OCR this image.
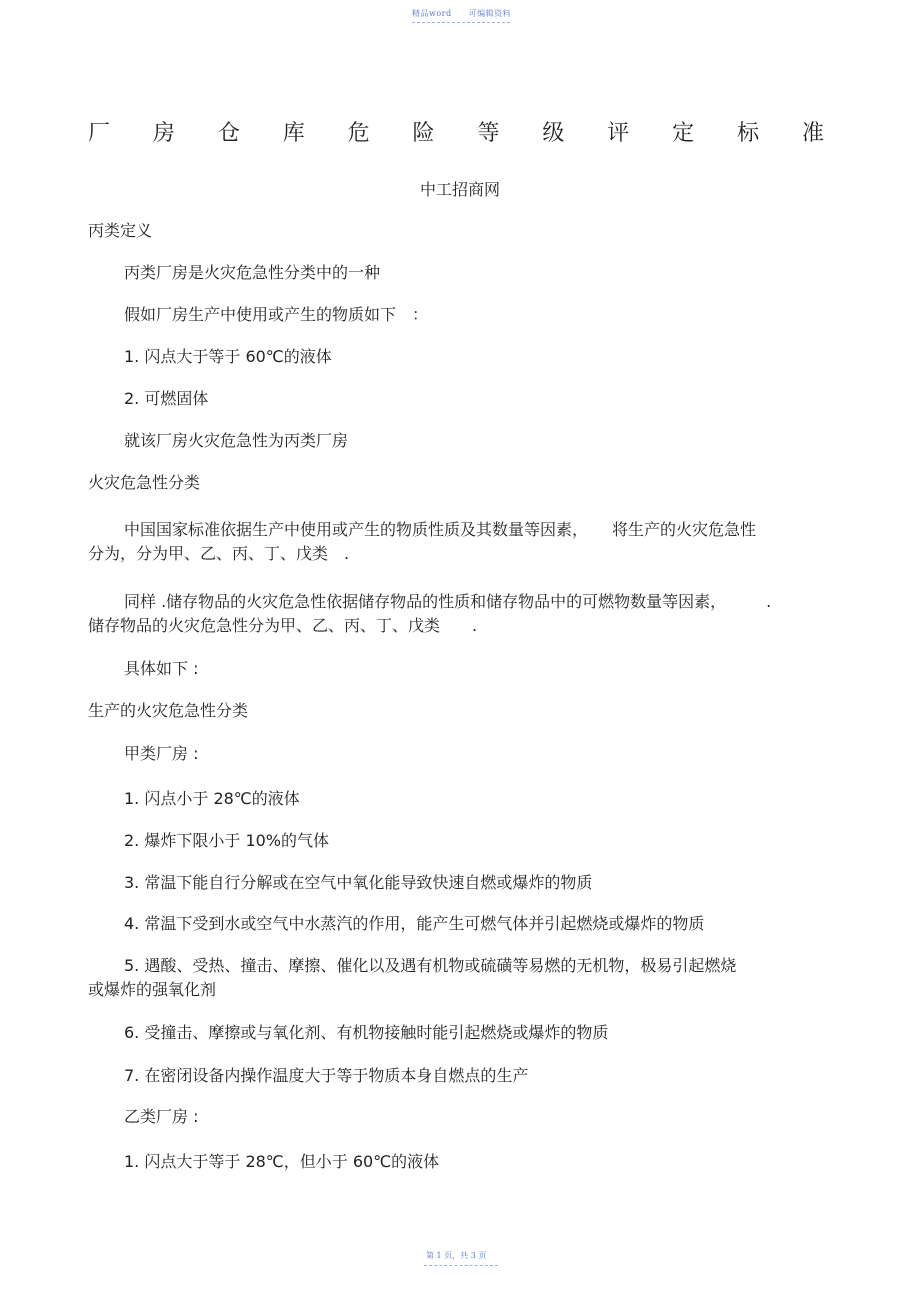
精品word 可编辑资料
厂 房 仓 库 危 险 等 级 评 定 标 准
中工招商网
丙类定义
丙类厂房是火灾危急性分类中的一种
假如厂房生产中使用或产生的物质如下　：
1. 闪点大于等于 60℃的液体
2. 可燃固体
就该厂房火灾危急性为丙类厂房
火灾危急性分类
具体如下 :
生产的火灾危急性分类
甲类厂房 :
1. 闪点小于 28℃的液体
2. 爆炸下限小于 10%的气体
3. 常温下能自行分解或在空气中氧化能导致快速自燃或爆炸的物质
4. 常温下受到水或空气中水蒸汽的作用，能产生可燃气体并引起燃烧或爆炸的物质
6. 受撞击、摩擦或与氧化剂、有机物接触时能引起燃烧或爆炸的物质
7. 在密闭设备内操作温度大于等于物质本身自燃点的生产
乙类厂房 :
1. 闪点大于等于 28℃，但小于 60℃的液体
中国国家标准依据生产中使用或产生的物质性质及其数量等因素，　　将生产的火灾危急性
分为，分为甲、乙、丙、丁、戊类　.
同样 .储存物品的火灾危急性依据储存物品的性质和储存物品中的可燃物数量等因素，　　　.
储存物品的火灾危急性分为甲、乙、丙、丁、戊类　　.
5. 遇酸、受热、撞击、摩擦、催化以及遇有机物或硫磺等易燃的无机物，极易引起燃烧
或爆炸的强氧化剂
第 1 页，共 3 页
